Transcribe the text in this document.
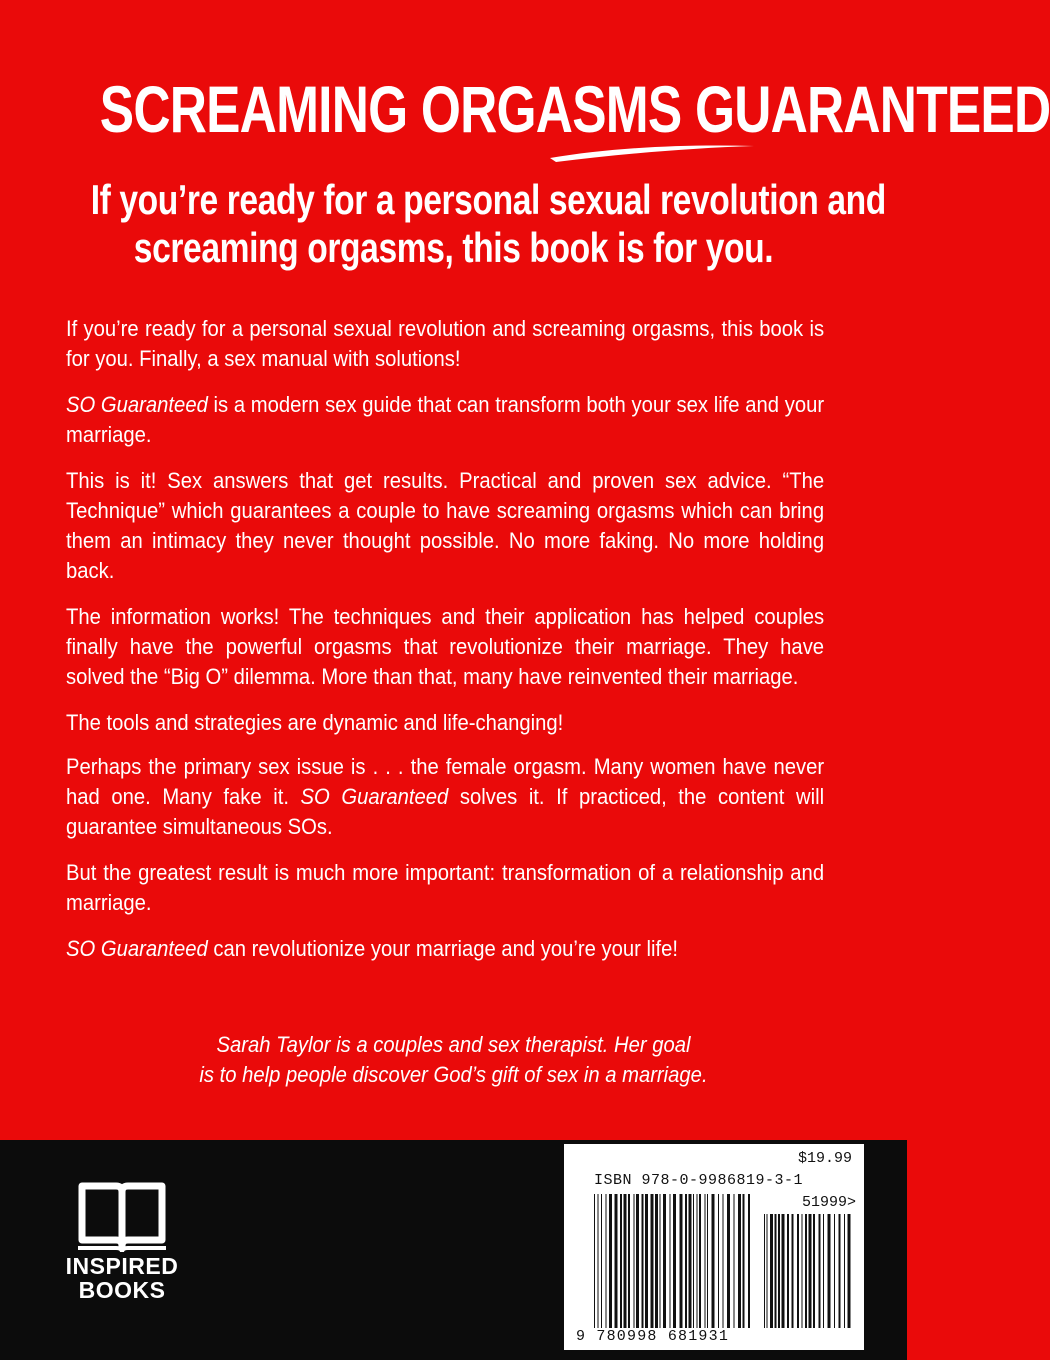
SCREAMING ORGASMS GUARANTEED
If you’re ready for a personal sexual revolution and
screaming orgasms, this book is for you.

If you’re ready for a personal sexual revolution and screaming orgasms, this book is for you. Finally, a sex manual with solutions!

SO Guaranteed is a modern sex guide that can transform both your sex life and your marriage.

This is it! Sex answers that get results. Practical and proven sex advice. “The Technique” which guarantees a couple to have screaming orgasms which can bring them an intimacy they never thought possible. No more faking. No more holding back.

The information works! The techniques and their application has helped couples finally have the powerful orgasms that revolutionize their marriage. They have solved the “Big O” dilemma. More than that, many have reinvented their marriage.

The tools and strategies are dynamic and life-changing!

Perhaps the primary sex issue is . . . the female orgasm. Many women have never had one. Many fake it. SO Guaranteed solves it. If practiced, the content will guarantee simultaneous SOs.

But the greatest result is much more important: transformation of a relationship and marriage.

SO Guaranteed can revolutionize your marriage and you’re your life!

Sarah Taylor is a couples and sex therapist. Her goal
is to help people discover God’s gift of sex in a marriage.
INSPIRED
BOOKS
$19.99
ISBN 978-0-9986819-3-1
51999>
9 780998 681931
